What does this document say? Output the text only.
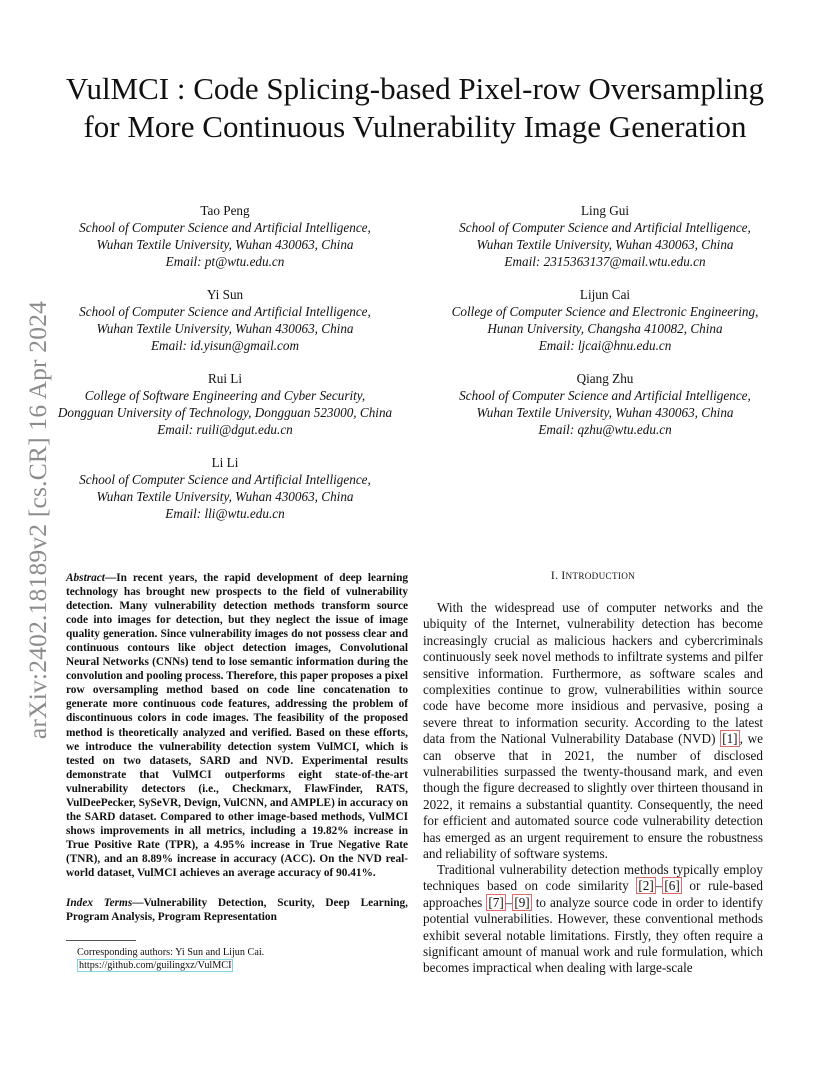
arXiv:2402.18189v2 [cs.CR] 16 Apr 2024
VulMCI : Code Splicing-based Pixel-row Oversampling for More Continuous Vulnerability Image Generation
Tao Peng
School of Computer Science and Artificial Intelligence,
Wuhan Textile University, Wuhan 430063, China
Email: pt@wtu.edu.cn
Ling Gui
School of Computer Science and Artificial Intelligence,
Wuhan Textile University, Wuhan 430063, China
Email: 2315363137@mail.wtu.edu.cn
Yi Sun
School of Computer Science and Artificial Intelligence,
Wuhan Textile University, Wuhan 430063, China
Email: id.yisun@gmail.com
Lijun Cai
College of Computer Science and Electronic Engineering,
Hunan University, Changsha 410082, China
Email: ljcai@hnu.edu.cn
Rui Li
College of Software Engineering and Cyber Security,
Dongguan University of Technology, Dongguan 523000, China
Email: ruili@dgut.edu.cn
Qiang Zhu
School of Computer Science and Artificial Intelligence,
Wuhan Textile University, Wuhan 430063, China
Email: qzhu@wtu.edu.cn
Li Li
School of Computer Science and Artificial Intelligence,
Wuhan Textile University, Wuhan 430063, China
Email: lli@wtu.edu.cn

Abstract—In recent years, the rapid development of deep learning technology has brought new prospects to the field of vulnerability detection. Many vulnerability detection methods transform source code into images for detection, but they neglect the issue of image quality generation. Since vulnerability images do not possess clear and continuous contours like object detection images, Convolutional Neural Networks (CNNs) tend to lose semantic information during the convolution and pooling process. Therefore, this paper proposes a pixel row oversampling method based on code line concatenation to generate more continuous code features, addressing the problem of discontinuous colors in code images. The feasibility of the proposed method is theoretically analyzed and verified. Based on these efforts, we introduce the vulnerability detection system VulMCI, which is tested on two datasets, SARD and NVD. Experimental results demonstrate that VulMCI outperforms eight state-of-the-art vulnerability detectors (i.e., Checkmarx, FlawFinder, RATS, VulDeePecker, SySeVR, Devign, VulCNN, and AMPLE) in accuracy on the SARD dataset. Compared to other image-based methods, VulMCI shows improvements in all metrics, including a 19.82% increase in True Positive Rate (TPR), a 4.95% increase in True Negative Rate (TNR), and an 8.89% increase in accuracy (ACC). On the NVD real-world dataset, VulMCI achieves an average accuracy of 90.41%.

Index Terms—Vulnerability Detection, Scurity, Deep Learning, Program Analysis, Program Representation

Corresponding authors: Yi Sun and Lijun Cai.
https://github.com/guilingxz/VulMCI
I. INTRODUCTION

With the widespread use of computer networks and the ubiquity of the Internet, vulnerability detection has become increasingly crucial as malicious hackers and cybercriminals continuously seek novel methods to infiltrate systems and pilfer sensitive information. Furthermore, as software scales and complexities continue to grow, vulnerabilities within source code have become more insidious and pervasive, posing a severe threat to information security. According to the latest data from the National Vulnerability Database (NVD) [1] , we can observe that in 2021, the number of disclosed vulnerabilities surpassed the twenty-thousand mark, and even though the figure decreased to slightly over thirteen thousand in 2022, it remains a substantial quantity. Consequently, the need for efficient and automated source code vulnerability detection has emerged as an urgent requirement to ensure the robustness and reliability of software systems.

Traditional vulnerability detection methods typically employ techniques based on code similarity [2] – [6] or rule-based approaches [7] – [9] to analyze source code in order to identify potential vulnerabilities. However, these conventional methods exhibit several notable limitations. Firstly, they often require a significant amount of manual work and rule formulation, which becomes impractical when dealing with large-scale
